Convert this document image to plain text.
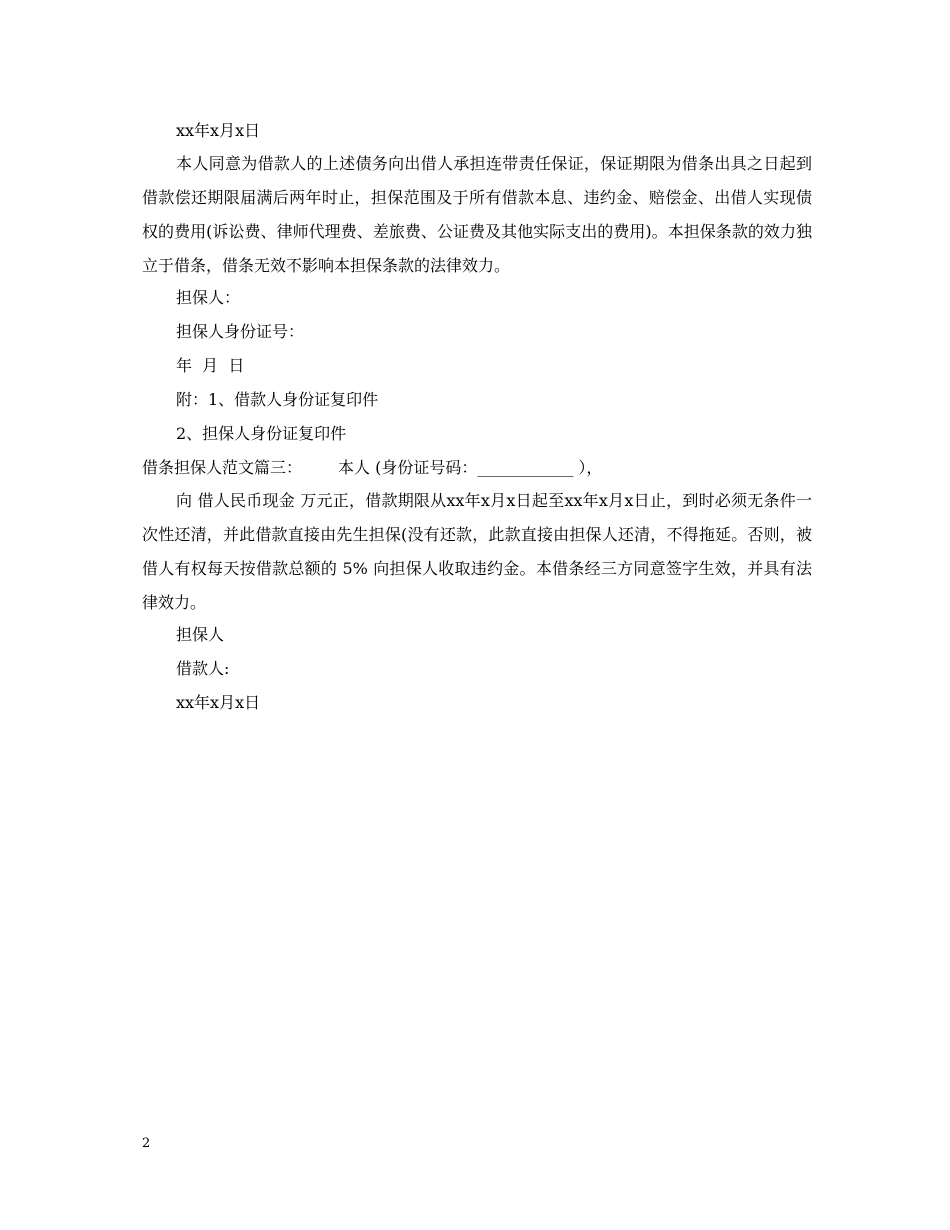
xx年x月x日
本人同意为借款人的上述债务向出借人承担连带责任保证，保证期限为借条出具之日起到借款偿还期限届满后两年时止，担保范围及于所有借款本息、违约金、赔偿金、出借人实现债权的费用(诉讼费、律师代理费、差旅费、公证费及其他实际支出的费用)。本担保条款的效力独立于借条，借条无效不影响本担保条款的法律效力。
担保人：
担保人身份证号：
年  月  日
附：1、借款人身份证复印件
2、担保人身份证复印件
借条担保人范文篇三： 本人 (身份证号码：____________ ），
向 借人民币现金 万元正，借款期限从xx年x月x日起至xx年x月x日止，到时必须无条件一次性还清，并此借款直接由先生担保(没有还款，此款直接由担保人还清，不得拖延。否则，被借人有权每天按借款总额的 5% 向担保人收取违约金。本借条经三方同意签字生效，并具有法律效力。
担保人
借款人:
xx年x月x日
2
